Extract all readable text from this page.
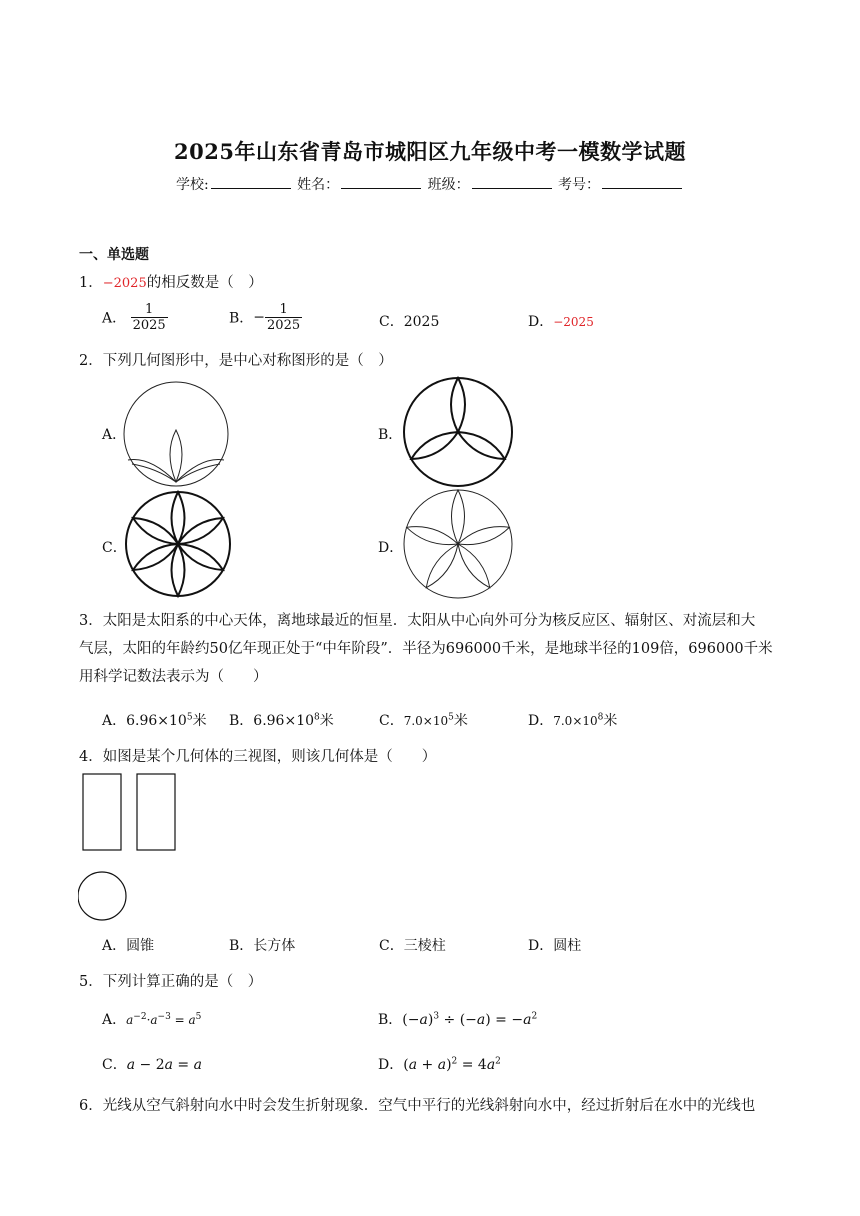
2025年山东省青岛市城阳区九年级中考一模数学试题
学校:	姓名：	班级：	考号：
一、单选题
1．−2025的相反数是（　）
A． $\frac{1}{2025}$	B．− $\frac{1}{2025}$	C．2025	D．−2025
2．下列几何图形中，是中心对称图形的是（　）
A．	B．
C．	D．
3．太阳是太阳系的中心天体，离地球最近的恒星．太阳从中心向外可分为核反应区、辐射区、对流层和大
气层，太阳的年龄约50亿年现正处于“中年阶段”．半径为696000千米，是地球半径的109倍，696000千米
用科学记数法表示为（　　）
A．$6.96\times 10^5$米 B．$6.96\times 10^8$米	C．$7.0\times 10^5$米	D．$7.0\times 10^8$米
4．如图是某个几何体的三视图，则该几何体是（　　）
A．圆锥	B．长方体	C．三棱柱	D．圆柱
5．下列计算正确的是（　）
A．$a^{-2}\cdot a^{-3} = a^5$	B．$(-a)^3 \div (-a) = -a^2$
C．a − 2a = a	D．$(a + a)^2 = 4a^2$
6．光线从空气斜射向水中时会发生折射现象．空气中平行的光线斜射向水中，经过折射后在水中的光线也
